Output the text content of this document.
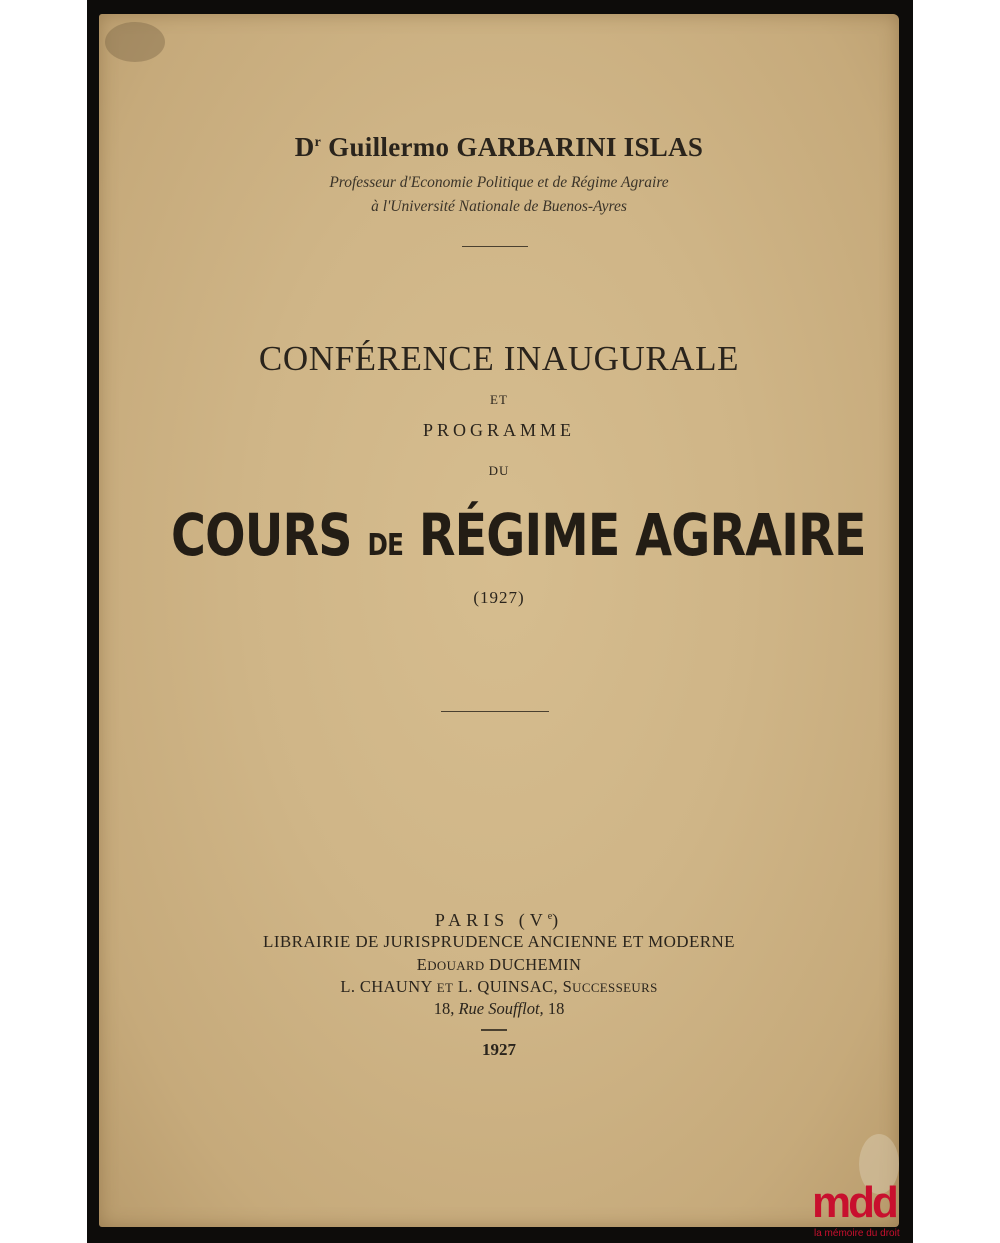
$D^r$ Guillermo GARBARINI ISLAS
Professeur d'Economie Politique et de Régime Agraire
à l'Université Nationale de Buenos-Ayres
CONFÉRENCE INAUGURALE
ET
PROGRAMME
DU
COURS DE RÉGIME AGRAIRE
(1927)
PARIS (Ve)
LIBRAIRIE DE JURISPRUDENCE ANCIENNE ET MODERNE
EDOUARD DUCHEMIN
L. CHAUNY ET L. QUINSAC, SUCCESSEURS
18, Rue Soufflot, 18
1927
mdd
la mémoire du droit
